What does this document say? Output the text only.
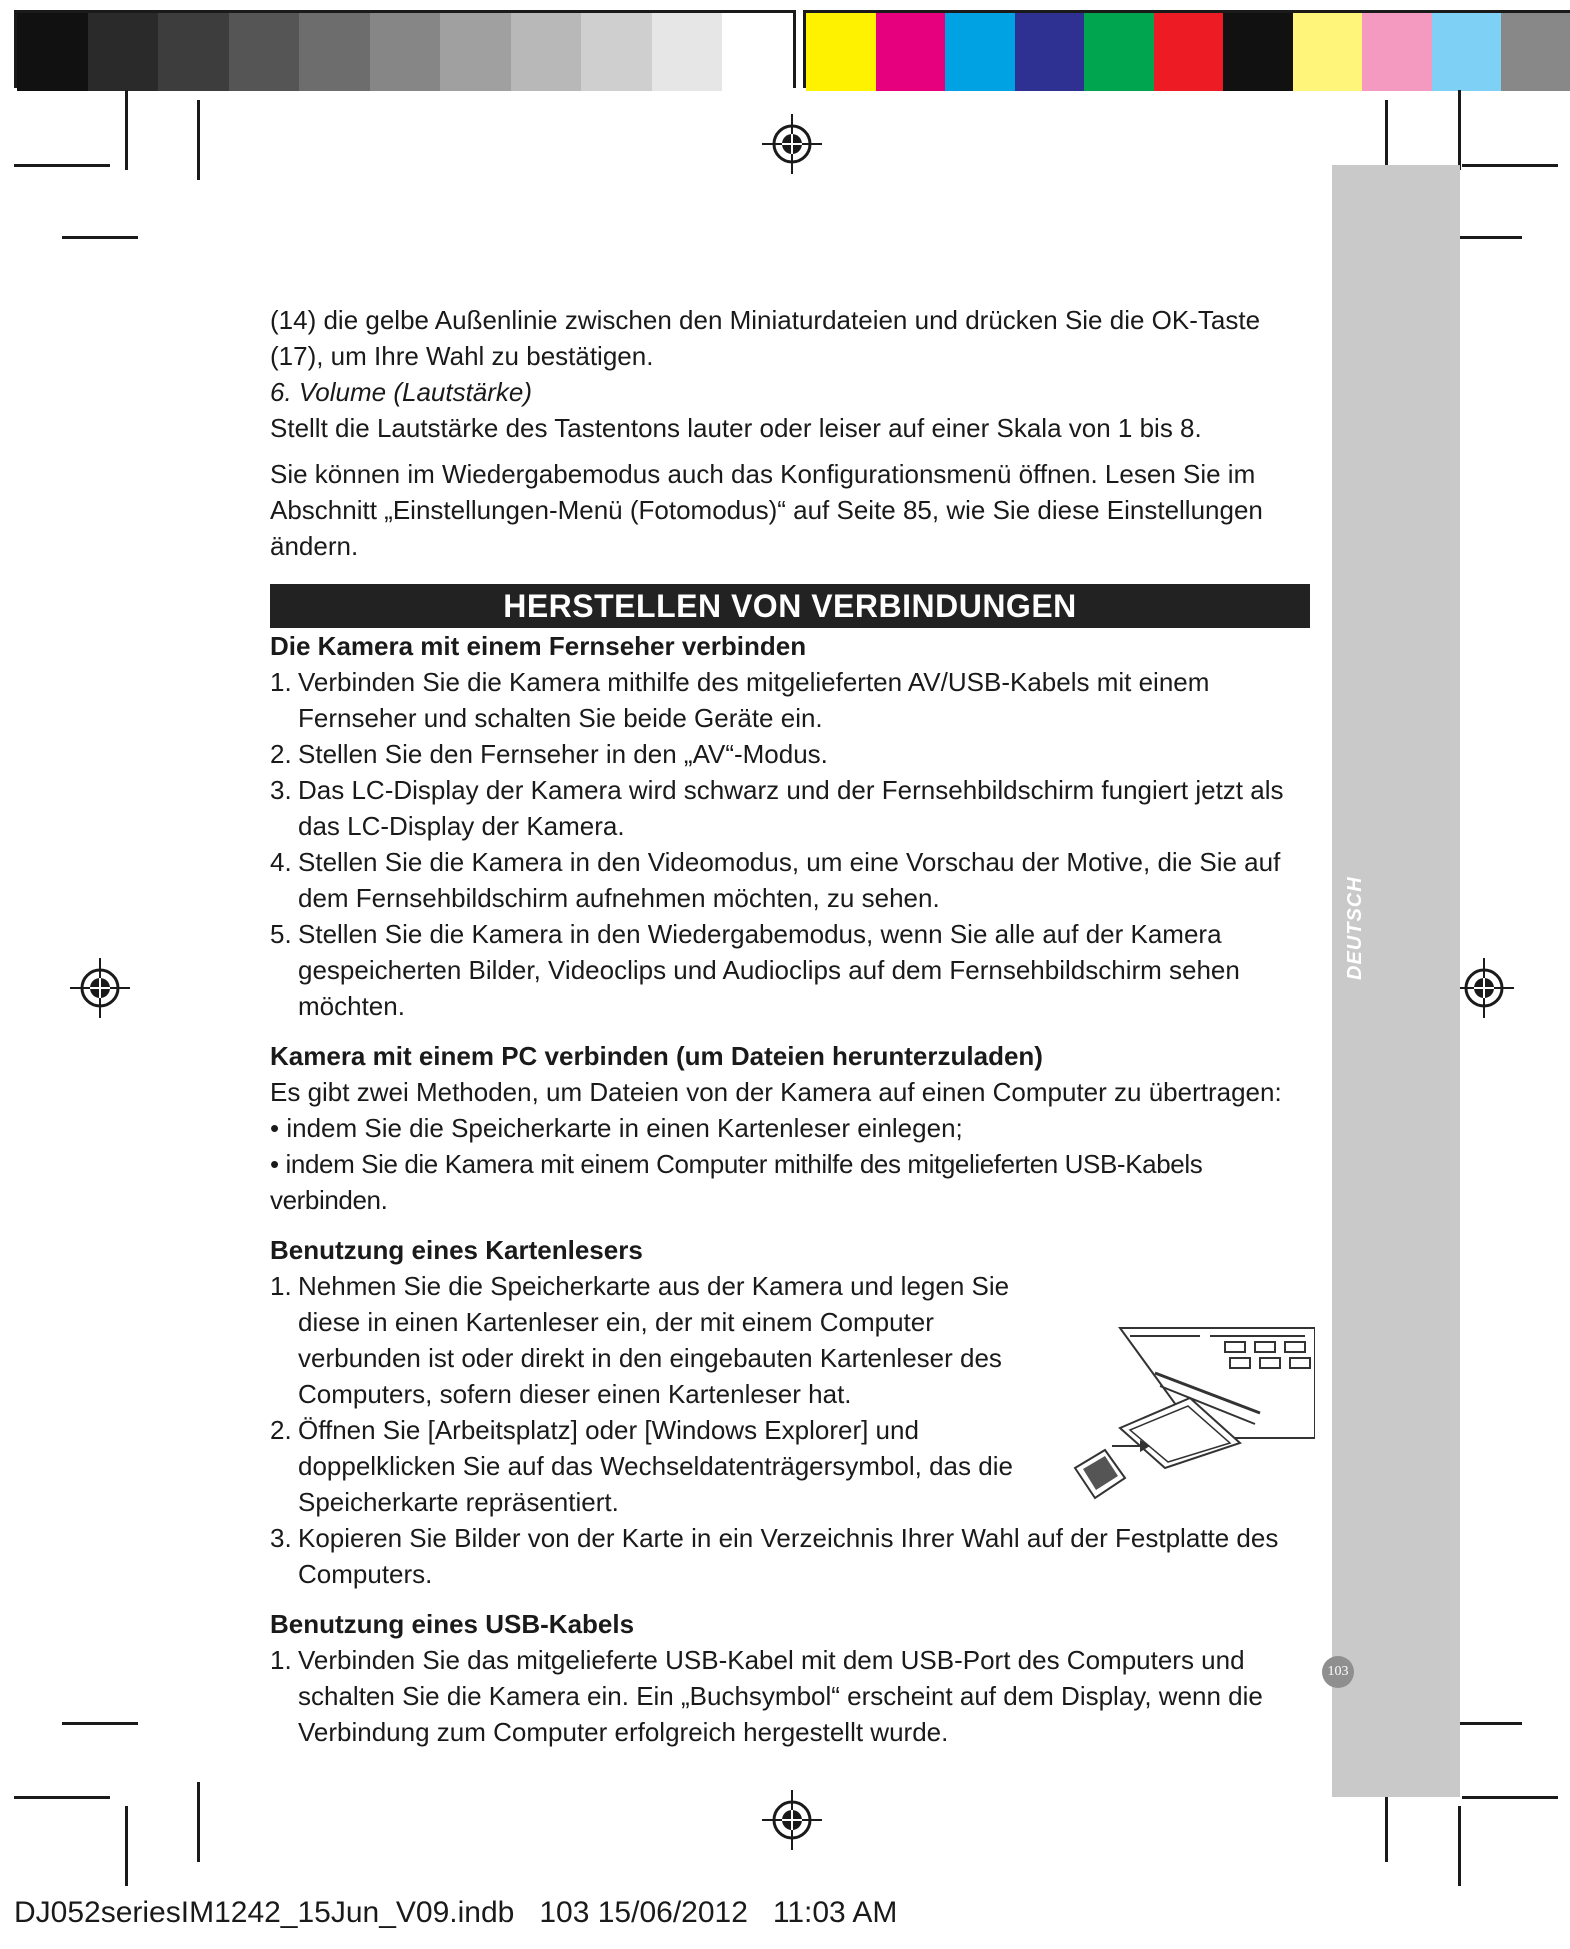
DEUTSCH
103

(14) die gelbe Außenlinie zwischen den Miniaturdateien und drücken Sie die OK-Taste

(17), um Ihre Wahl zu bestätigen.

6. Volume (Lautstärke)

Stellt die Lautstärke des Tastentons lauter oder leiser auf einer Skala von 1 bis 8.

Sie können im Wiedergabemodus auch das Konfigurationsmenü öffnen. Lesen Sie im Abschnitt „Einstellungen-Menü (Fotomodus)“ auf Seite 85, wie Sie diese Einstellungen ändern.

HERSTELLEN VON VERBINDUNGEN

Die Kamera mit einem Fernseher verbinden

1. Verbinden Sie die Kamera mithilfe des mitgelieferten AV/USB-Kabels mit einem Fernseher und schalten Sie beide Geräte ein.
2. Stellen Sie den Fernseher in den „AV“-Modus.
3. Das LC-Display der Kamera wird schwarz und der Fernsehbildschirm fungiert jetzt als das LC-Display der Kamera.
4. Stellen Sie die Kamera in den Videomodus, um eine Vorschau der Motive, die Sie auf dem Fernsehbildschirm aufnehmen möchten, zu sehen.
5. Stellen Sie die Kamera in den Wiedergabemodus, wenn Sie alle auf der Kamera gespeicherten Bilder, Videoclips und Audioclips auf dem Fernsehbildschirm sehen möchten.

Kamera mit einem PC verbinden (um Dateien herunterzuladen)

Es gibt zwei Methoden, um Dateien von der Kamera auf einen Computer zu übertragen:

• indem Sie die Speicherkarte in einen Kartenleser einlegen;
• indem Sie die Kamera mit einem Computer mithilfe des mitgelieferten USB-Kabels verbinden.

Benutzung eines Kartenlesers

1. Nehmen Sie die Speicherkarte aus der Kamera und legen Sie diese in einen Kartenleser ein, der mit einem Computer verbunden ist oder direkt in den eingebauten Kartenleser des Computers, sofern dieser einen Kartenleser hat.
2. Öffnen Sie [Arbeitsplatz] oder [Windows Explorer] und doppelklicken Sie auf das Wechseldatenträgersymbol, das die Speicherkarte repräsentiert.
3. Kopieren Sie Bilder von der Karte in ein Verzeichnis Ihrer Wahl auf der Festplatte des Computers.

Benutzung eines USB-Kabels

1. Verbinden Sie das mitgelieferte USB-Kabel mit dem USB-Port des Computers und schalten Sie die Kamera ein. Ein „Buchsymbol“ erscheint auf dem Display, wenn die Verbindung zum Computer erfolgreich hergestellt wurde.
DJ052seriesIM1242_15Jun_V09.indb   103 15/06/2012   11:03 AM
